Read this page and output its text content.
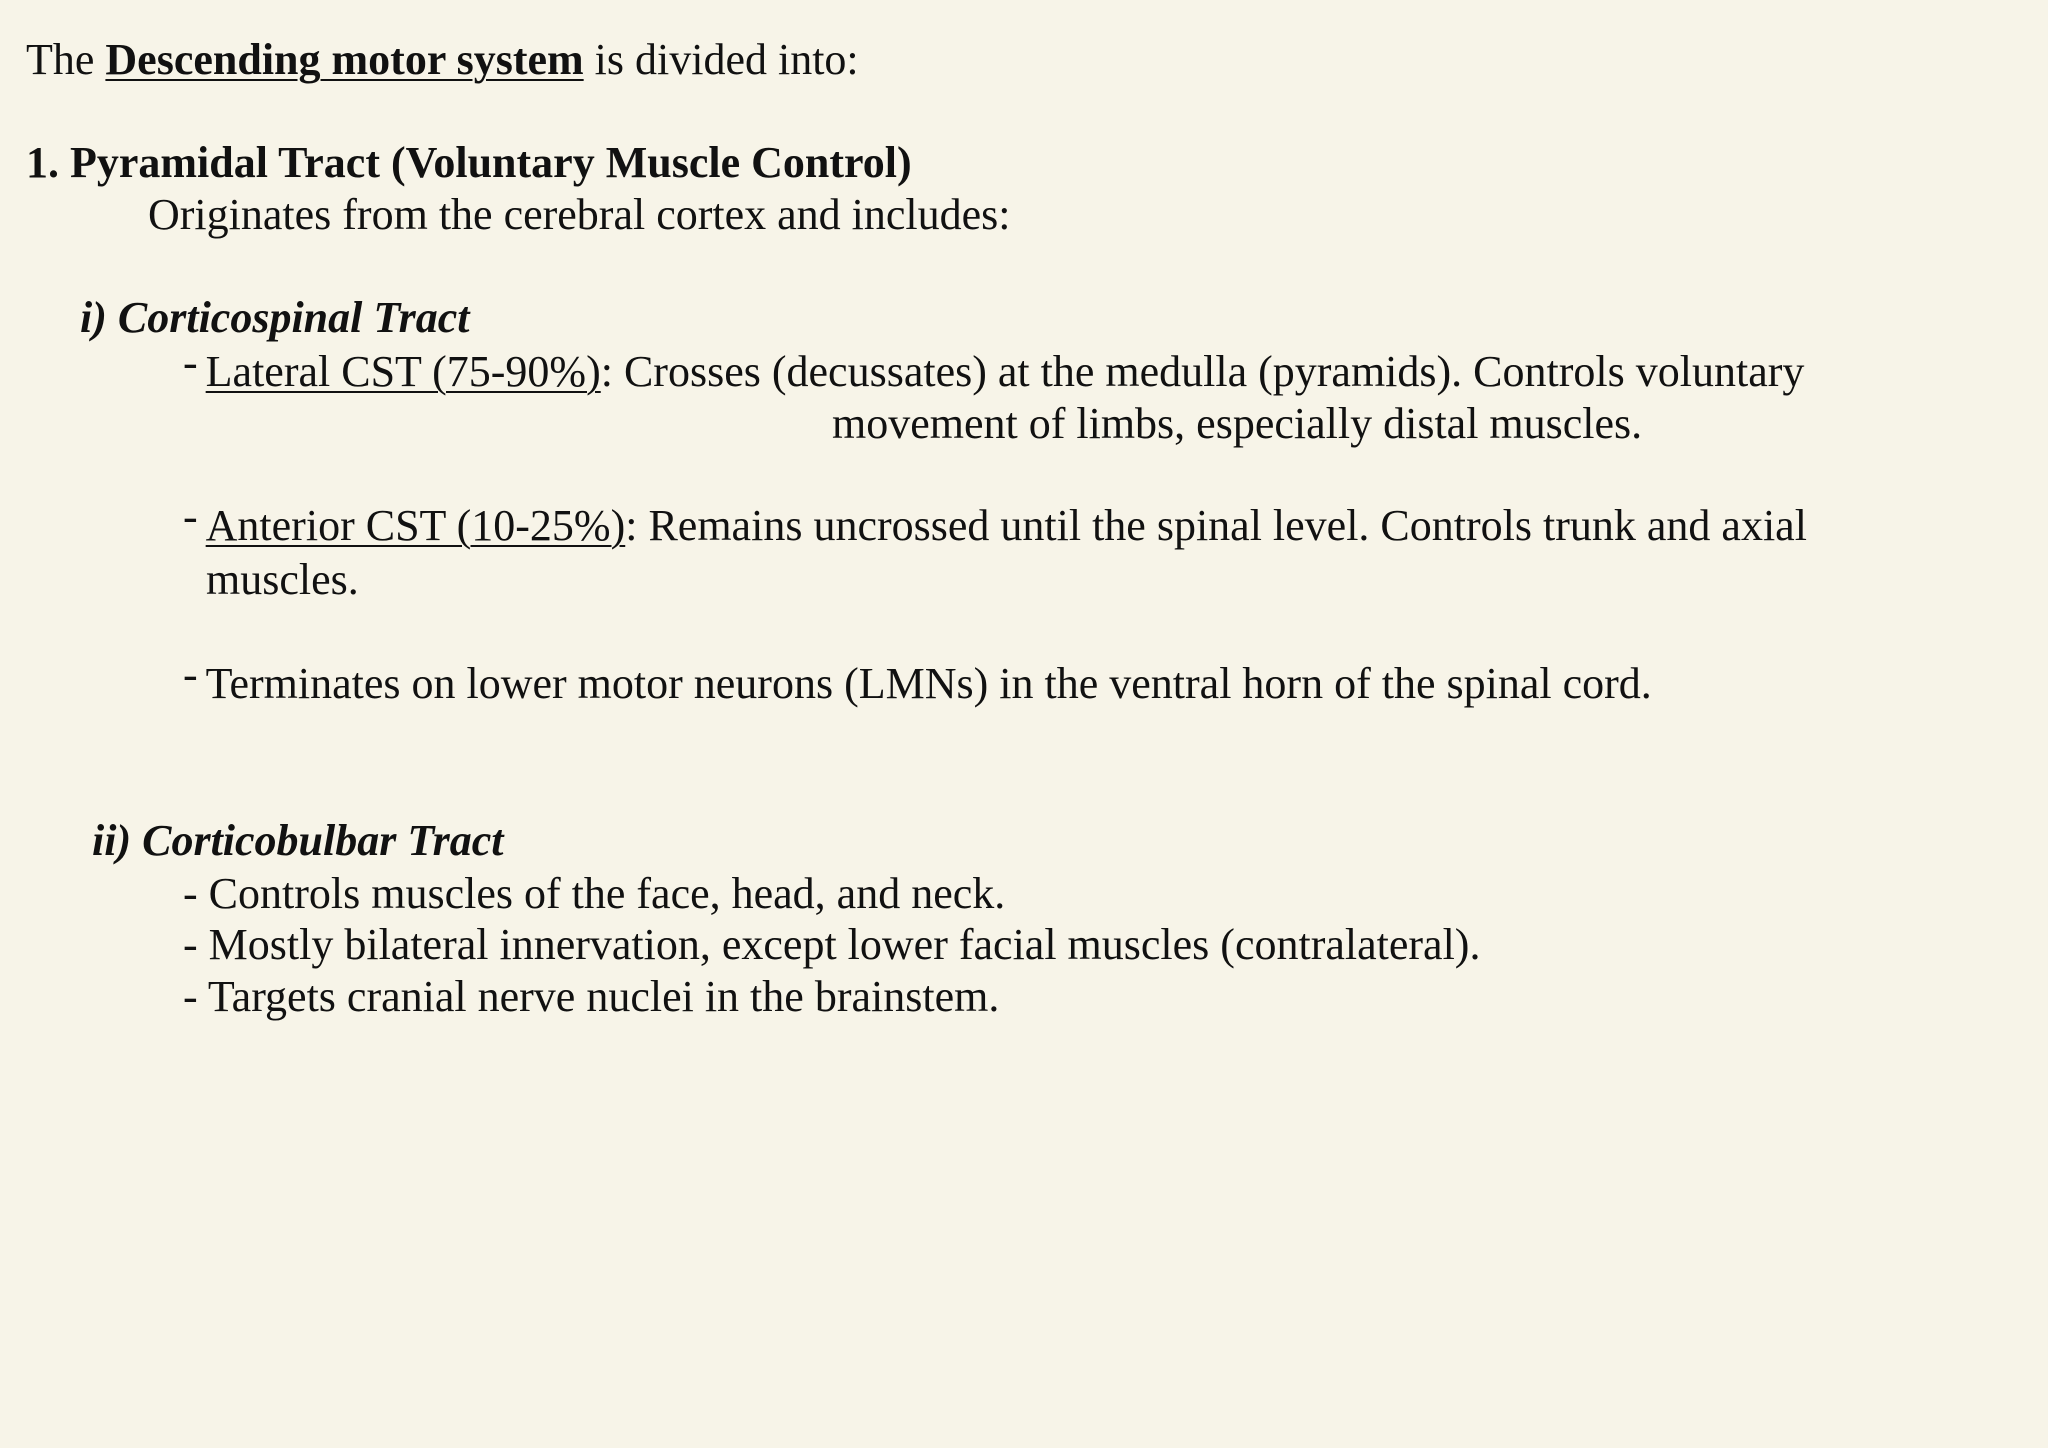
The Descending motor system is divided into:
1. Pyramidal Tract (Voluntary Muscle Control)
Originates from the cerebral cortex and includes:
i) Corticospinal Tract
- Lateral CST (75-90%): Crosses (decussates) at the medulla (pyramids). Controls voluntary
movement of limbs, especially distal muscles.
- Anterior CST (10-25%): Remains uncrossed until the spinal level. Controls trunk and axial
muscles.
- Terminates on lower motor neurons (LMNs) in the ventral horn of the spinal cord.
ii) Corticobulbar Tract
- Controls muscles of the face, head, and neck.
- Mostly bilateral innervation, except lower facial muscles (contralateral).
- Targets cranial nerve nuclei in the brainstem.
